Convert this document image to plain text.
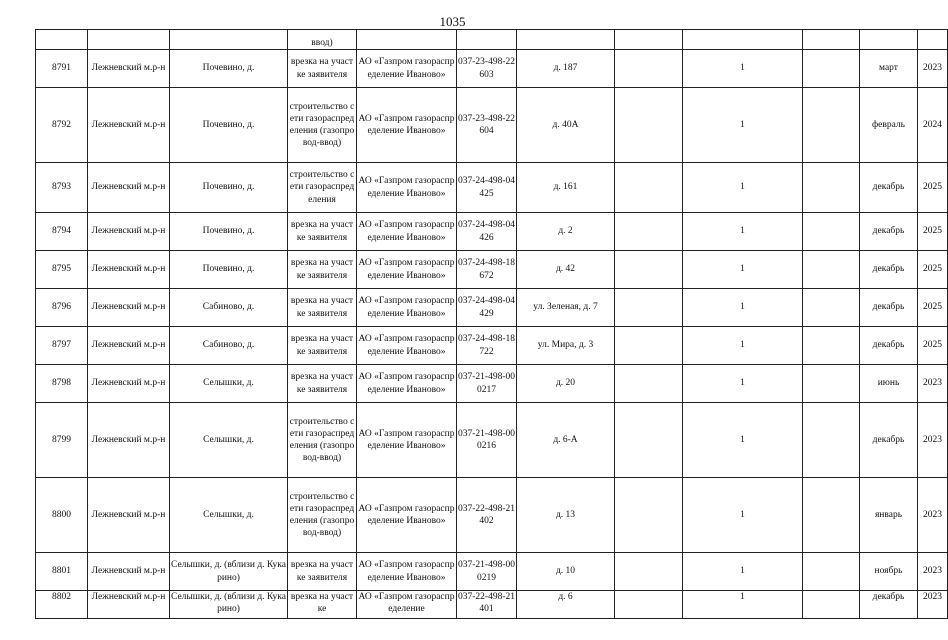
1035
			ввод)								
8791	Лежневский м.р-н	Почевино, д.	врезка на участке заявителя	АО «Газпром газораспределение Иваново»	037-23-498-22603	д. 187		1		март	2023
8792	Лежневский м.р-н	Почевино, д.	строительство сети газораспределения (газопровод-ввод)	АО «Газпром газораспределение Иваново»	037-23-498-22604	д. 40А		1		февраль	2024
8793	Лежневский м.р-н	Почевино, д.	строительство сети газораспределения	АО «Газпром газораспределение Иваново»	037-24-498-04425	д. 161		1		декабрь	2025
8794	Лежневский м.р-н	Почевино, д.	врезка на участке заявителя	АО «Газпром газораспределение Иваново»	037-24-498-04426	д. 2		1		декабрь	2025
8795	Лежневский м.р-н	Почевино, д.	врезка на участке заявителя	АО «Газпром газораспределение Иваново»	037-24-498-18672	д. 42		1		декабрь	2025
8796	Лежневский м.р-н	Сабиново, д.	врезка на участке заявителя	АО «Газпром газораспределение Иваново»	037-24-498-04429	ул. Зеленая, д. 7		1		декабрь	2025
8797	Лежневский м.р-н	Сабиново, д.	врезка на участке заявителя	АО «Газпром газораспределение Иваново»	037-24-498-18722	ул. Мира, д. 3		1		декабрь	2025
8798	Лежневский м.р-н	Селышки, д.	врезка на участке заявителя	АО «Газпром газораспределение Иваново»	037-21-498-000217	д. 20		1		июнь	2023
8799	Лежневский м.р-н	Селышки, д.	строительство сети газораспределения (газопровод-ввод)	АО «Газпром газораспределение Иваново»	037-21-498-000216	д. 6-А		1		декабрь	2023
8800	Лежневский м.р-н	Селышки, д.	строительство сети газораспределения (газопровод-ввод)	АО «Газпром газораспределение Иваново»	037-22-498-21402	д. 13		1		январь	2023
8801	Лежневский м.р-н	Селышки, д. (вблизи д. Кукарино)	врезка на участке заявителя	АО «Газпром газораспределение Иваново»	037-21-498-000219	д. 10		1		ноябрь	2023
8802	Лежневский м.р-н	Селышки, д. (вблизи д. Кукарино)	врезка на участке	АО «Газпром газораспределение	037-22-498-21401	д. 6		1		декабрь	2023
